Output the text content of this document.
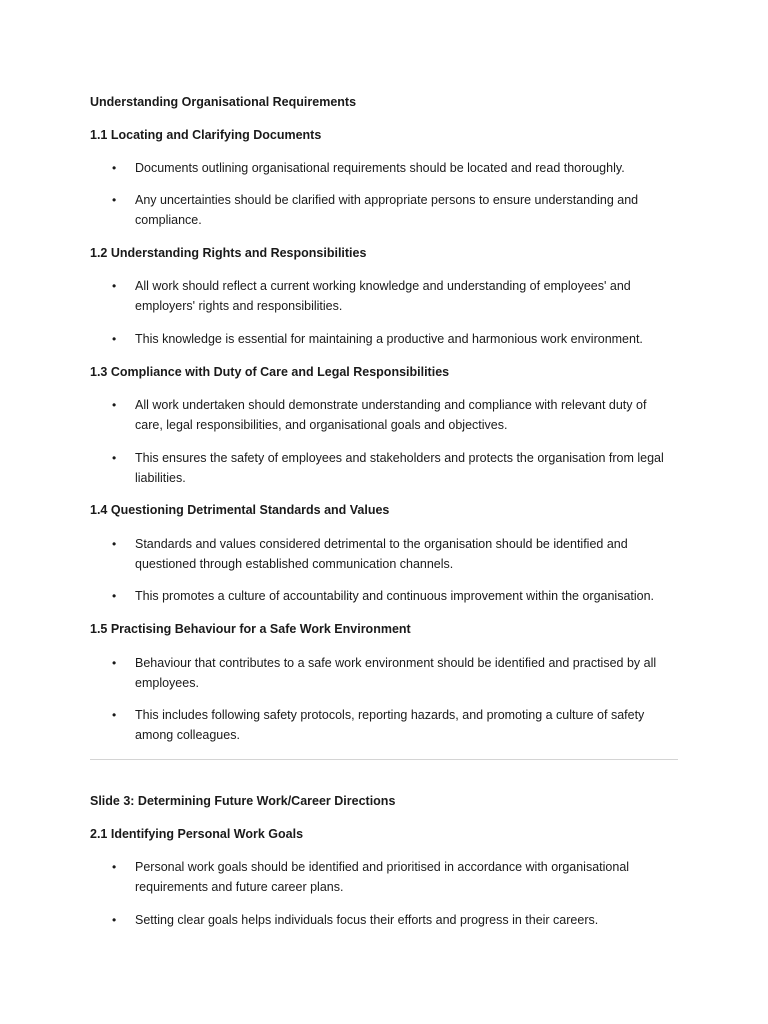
Understanding Organisational Requirements
1.1 Locating and Clarifying Documents
•	Documents outlining organisational requirements should be located and read thoroughly.
•	Any uncertainties should be clarified with appropriate persons to ensure understanding and compliance.
1.2 Understanding Rights and Responsibilities
•	All work should reflect a current working knowledge and understanding of employees' and employers' rights and responsibilities.
•	This knowledge is essential for maintaining a productive and harmonious work environment.
1.3 Compliance with Duty of Care and Legal Responsibilities
•	All work undertaken should demonstrate understanding and compliance with relevant duty of care, legal responsibilities, and organisational goals and objectives.
•	This ensures the safety of employees and stakeholders and protects the organisation from legal liabilities.
1.4 Questioning Detrimental Standards and Values
•	Standards and values considered detrimental to the organisation should be identified and questioned through established communication channels.
•	This promotes a culture of accountability and continuous improvement within the organisation.
1.5 Practising Behaviour for a Safe Work Environment
•	Behaviour that contributes to a safe work environment should be identified and practised by all employees.
•	This includes following safety protocols, reporting hazards, and promoting a culture of safety among colleagues.
Slide 3: Determining Future Work/Career Directions
2.1 Identifying Personal Work Goals
•	Personal work goals should be identified and prioritised in accordance with organisational requirements and future career plans.
•	Setting clear goals helps individuals focus their efforts and progress in their careers.
